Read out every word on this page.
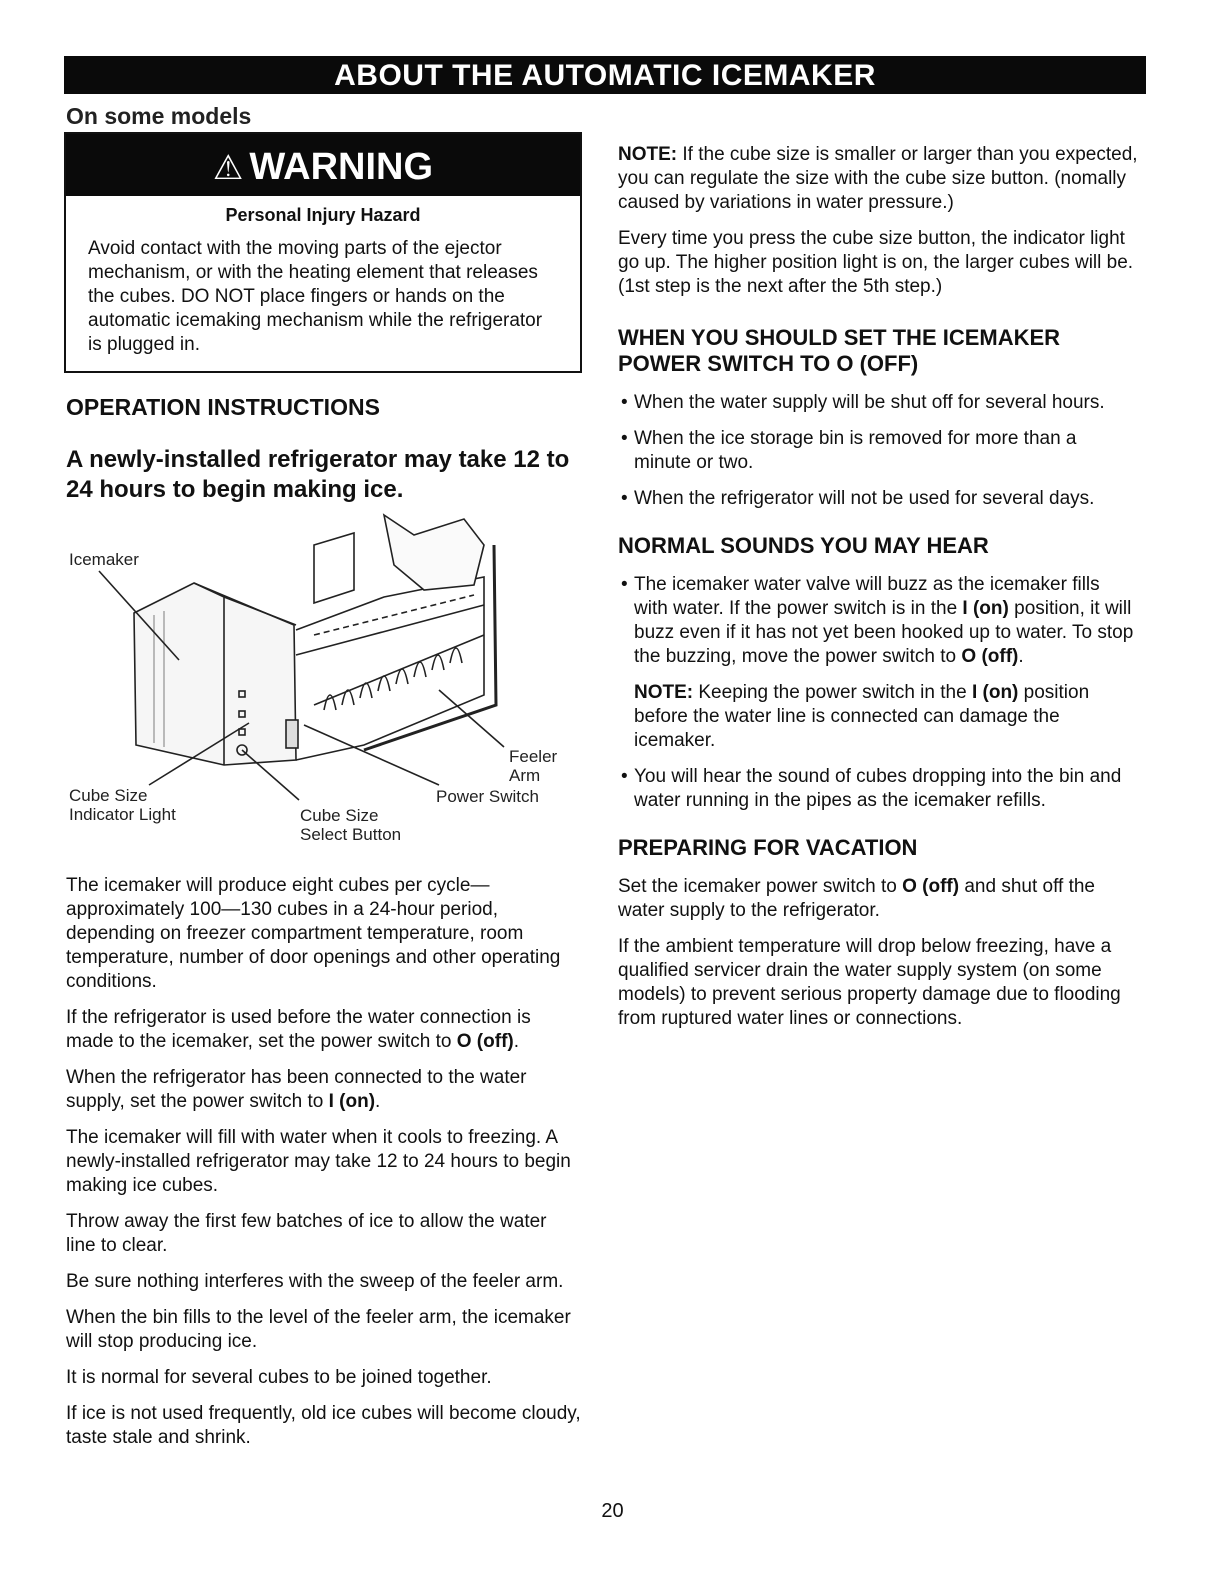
ABOUT THE AUTOMATIC ICEMAKER
On some models
⚠ WARNING
Personal Injury Hazard
Avoid contact with the moving parts of the ejector mechanism, or with the heating element that releases the cubes. DO NOT place fingers or hands on the automatic icemaking mechanism while the refrigerator is plugged in.
OPERATION INSTRUCTIONS
A newly-installed refrigerator may take 12 to 24 hours to begin making ice.
Icemaker
Feeler Arm
Power Switch
Cube Size
Indicator Light	Cube Size
Select Button

The icemaker will produce eight cubes per cycle— approximately 100—130 cubes in a 24-hour period, depending on freezer compartment temperature, room temperature, number of door openings and other operating conditions.

If the refrigerator is used before the water connection is made to the icemaker, set the power switch to O (off).

When the refrigerator has been connected to the water supply, set the power switch to I (on).

The icemaker will fill with water when it cools to freezing. A newly-installed refrigerator may take 12 to 24 hours to begin making ice cubes.

Throw away the first few batches of ice to allow the water line to clear.

Be sure nothing interferes with the sweep of the feeler arm.

When the bin fills to the level of the feeler arm, the icemaker will stop producing ice.

It is normal for several cubes to be joined together.

If ice is not used frequently, old ice cubes will become cloudy, taste stale and shrink.

NOTE: If the cube size is smaller or larger than you expected, you can regulate the size with the cube size button. (nomally caused by variations in water pressure.)

Every time you press the cube size button, the indicator light go up. The higher position light is on, the larger cubes will be. (1st step is the next after the 5th step.)

WHEN YOU SHOULD SET THE ICEMAKER POWER SWITCH TO O (OFF)

• When the water supply will be shut off for several hours.

• When the ice storage bin is removed for more than a minute or two.

• When the refrigerator will not be used for several days.

NORMAL SOUNDS YOU MAY HEAR

• The icemaker water valve will buzz as the icemaker fills with water. If the power switch is in the I (on) position, it will buzz even if it has not yet been hooked up to water. To stop the buzzing, move the power switch to O (off).

NOTE: Keeping the power switch in the I (on) position before the water line is connected can damage the icemaker.

• You will hear the sound of cubes dropping into the bin and water running in the pipes as the icemaker refills.

PREPARING FOR VACATION

Set the icemaker power switch to O (off) and shut off the water supply to the refrigerator.

If the ambient temperature will drop below freezing, have a qualified servicer drain the water supply system (on some models) to prevent serious property damage due to flooding from ruptured water lines or connections.

20
